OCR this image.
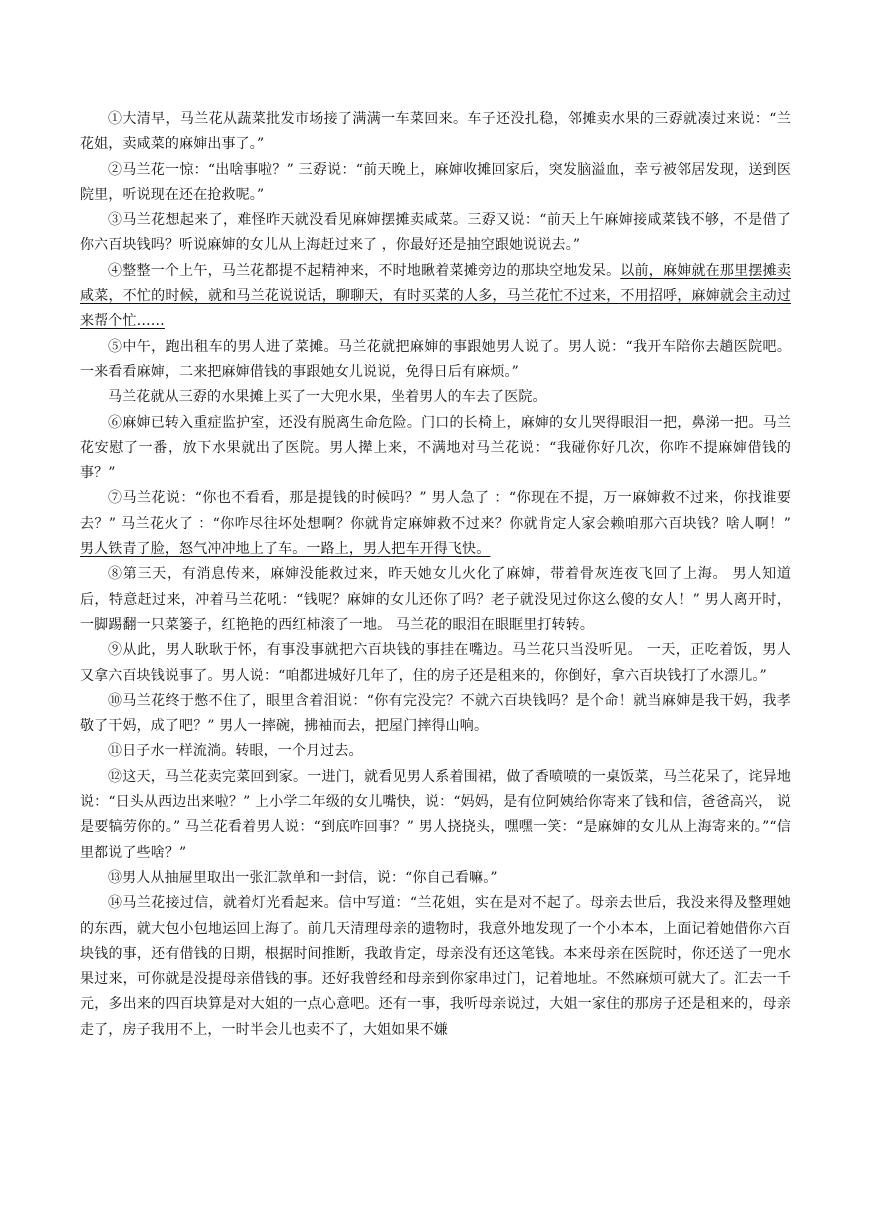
①大清早，马兰花从蔬菜批发市场接了满满一车菜回来。车子还没扎稳，邻摊卖水果的三孬就凑过来说：“兰花姐，卖咸菜的麻婶出事了。”

②马兰花一惊：“出啥事啦？” 三孬说：“前天晚上，麻婶收摊回家后，突发脑溢血，幸亏被邻居发现，送到医院里，听说现在还在抢救呢。”

③马兰花想起来了，难怪昨天就没看见麻婶摆摊卖咸菜。三孬又说：“前天上午麻婶接咸菜钱不够，不是借了你六百块钱吗？听说麻婶的女儿从上海赶过来了 ，你最好还是抽空跟她说说去。”

④整整一个上午，马兰花都提不起精神来，不时地瞅着菜摊旁边的那块空地发呆。以前，麻婶就在那里摆摊卖咸菜，不忙的时候，就和马兰花说说话，聊聊天，有时买菜的人多，马兰花忙不过来，不用招呼，麻婶就会主动过来帮个忙……

⑤中午，跑出租车的男人进了菜摊。马兰花就把麻婶的事跟她男人说了。男人说：“我开车陪你去趟医院吧。一来看看麻婶，二来把麻婶借钱的事跟她女儿说说，免得日后有麻烦。”

马兰花就从三孬的水果摊上买了一大兜水果，坐着男人的车去了医院。

⑥麻婶已转入重症监护室，还没有脱离生命危险。门口的长椅上，麻婶的女儿哭得眼泪一把，鼻涕一把。马兰花安慰了一番，放下水果就出了医院。男人撵上来，不满地对马兰花说：“我碰你好几次，你咋不提麻婶借钱的事？”

⑦马兰花说：“你也不看看，那是提钱的时候吗？” 男人急了 ：“你现在不提，万一麻婶救不过来，你找谁要去？” 马兰花火了 ：“你咋尽往坏处想啊？你就肯定麻婶救不过来？你就肯定人家会赖咱那六百块钱？啥人啊！” 男人铁青了脸，怒气冲冲地上了车。一路上，男人把车开得飞快。

⑧第三天，有消息传来，麻婶没能救过来，昨天她女儿火化了麻婶，带着骨灰连夜飞回了上海。 男人知道后，特意赶过来，冲着马兰花吼：“钱呢？麻婶的女儿还你了吗？老子就没见过你这么傻的女人！” 男人离开时，一脚踢翻一只菜篓子，红艳艳的西红柿滚了一地。 马兰花的眼泪在眼眶里打转转。

⑨从此，男人耿耿于怀，有事没事就把六百块钱的事挂在嘴边。马兰花只当没听见。 一天，正吃着饭，男人又拿六百块钱说事了。男人说：“咱都进城好几年了，住的房子还是租来的，你倒好，拿六百块钱打了水漂儿。”

⑩马兰花终于憋不住了，眼里含着泪说：“你有完没完？不就六百块钱吗？是个命！就当麻婶是我干妈，我孝敬了干妈，成了吧？” 男人一摔碗，拂袖而去，把屋门摔得山响。

⑪日子水一样流淌。转眼，一个月过去。

⑫这天，马兰花卖完菜回到家。一进门，就看见男人系着围裙，做了香喷喷的一桌饭菜，马兰花呆了，诧异地说：“日头从西边出来啦？” 上小学二年级的女儿嘴快，说：“妈妈，是有位阿姨给你寄来了钱和信，爸爸高兴， 说是要犒劳你的。” 马兰花看着男人说：“到底咋回事？” 男人挠挠头，嘿嘿一笑：“是麻婶的女儿从上海寄来的。”“信里都说了些啥？”

⑬男人从抽屉里取出一张汇款单和一封信，说：“你自己看嘛。”

⑭马兰花接过信，就着灯光看起来。信中写道：“兰花姐，实在是对不起了。母亲去世后，我没来得及整理她的东西，就大包小包地运回上海了。前几天清理母亲的遗物时，我意外地发现了一个小本本，上面记着她借你六百块钱的事，还有借钱的日期，根据时间推断，我敢肯定，母亲没有还这笔钱。本来母亲在医院时，你还送了一兜水果过来，可你就是没提母亲借钱的事。还好我曾经和母亲到你家串过门，记着地址。不然麻烦可就大了。汇去一千元，多出来的四百块算是对大姐的一点心意吧。还有一事，我听母亲说过，大姐一家住的那房子还是租来的，母亲走了，房子我用不上，一时半会儿也卖不了，大姐如果不嫌
